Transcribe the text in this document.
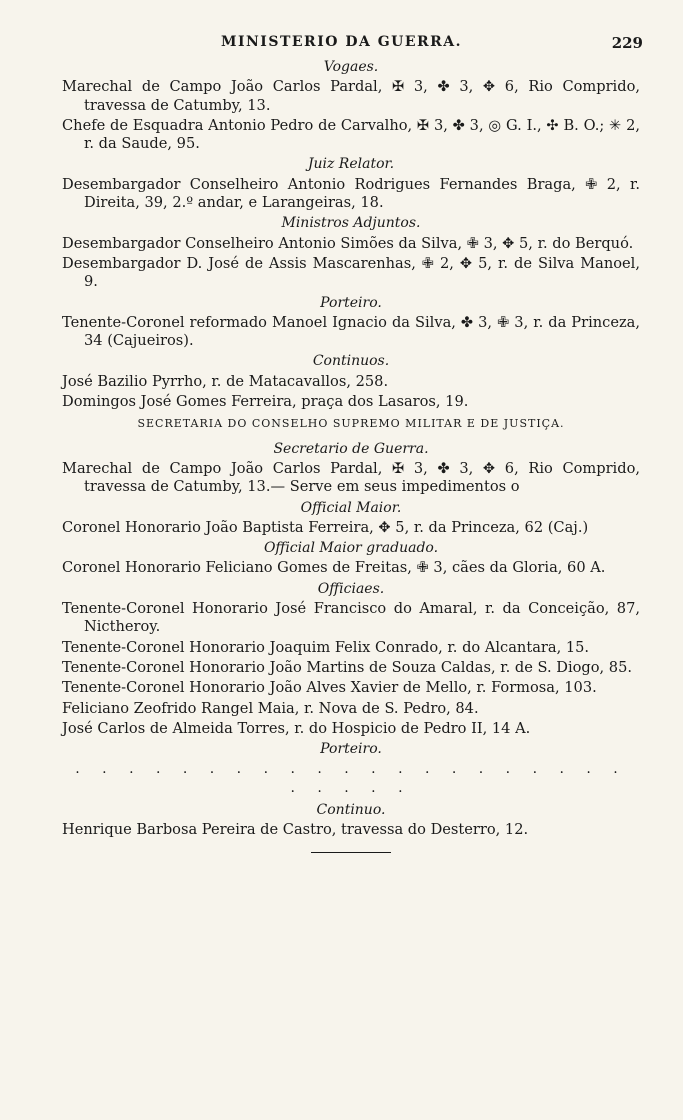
MINISTERIO DA GUERRA.	229
Vogaes.
Marechal de Campo João Carlos Pardal, ✠ 3, ✤ 3, ✥ 6, Rio Comprido, travessa de Catumby, 13.
Chefe de Esquadra Antonio Pedro de Carvalho, ✠ 3, ✤ 3, ◎ G. I., ✣ B. O.; ✳ 2, r. da Saude, 95.
Juiz Relator.
Desembargador Conselheiro Antonio Rodrigues Fernandes Braga, ✙ 2, r. Direita, 39, 2.º andar, e Larangeiras, 18.
Ministros Adjuntos.
Desembargador Conselheiro Antonio Simões da Silva, ✙ 3, ✥ 5, r. do Berquó.
Desembargador D. José de Assis Mascarenhas, ✙ 2, ✥ 5, r. de Silva Manoel, 9.
Porteiro.
Tenente-Coronel reformado Manoel Ignacio da Silva, ✤ 3, ✙ 3, r. da Princeza, 34 (Cajueiros).
Continuos.
José Bazilio Pyrrho, r. de Matacavallos, 258.
Domingos José Gomes Ferreira, praça dos Lasaros, 19.
SECRETARIA DO CONSELHO SUPREMO MILITAR E DE JUSTIÇA.
Secretario de Guerra.
Marechal de Campo João Carlos Pardal, ✠ 3, ✤ 3, ✥ 6, Rio Comprido, travessa de Catumby, 13.— Serve em seus impedimentos o
Official Maior.
Coronel Honorario João Baptista Ferreira, ✥ 5, r. da Princeza, 62 (Caj.)
Official Maior graduado.
Coronel Honorario Feliciano Gomes de Freitas, ✙ 3, cães da Gloria, 60 A.
Officiaes.
Tenente-Coronel Honorario José Francisco do Amaral, r. da Conceição, 87, Nictheroy.
Tenente-Coronel Honorario Joaquim Felix Conrado, r. do Alcantara, 15.
Tenente-Coronel Honorario João Martins de Souza Caldas, r. de S. Diogo, 85.
Tenente-Coronel Honorario João Alves Xavier de Mello, r. Formosa, 103.
Feliciano Zeofrido Rangel Maia, r. Nova de S. Pedro, 84.
José Carlos de Almeida Torres, r. do Hospicio de Pedro II, 14 A.
Porteiro.
. . . . . . . . . . . . . . . . . . . . . . . . . .
Continuo.
Henrique Barbosa Pereira de Castro, travessa do Desterro, 12.
